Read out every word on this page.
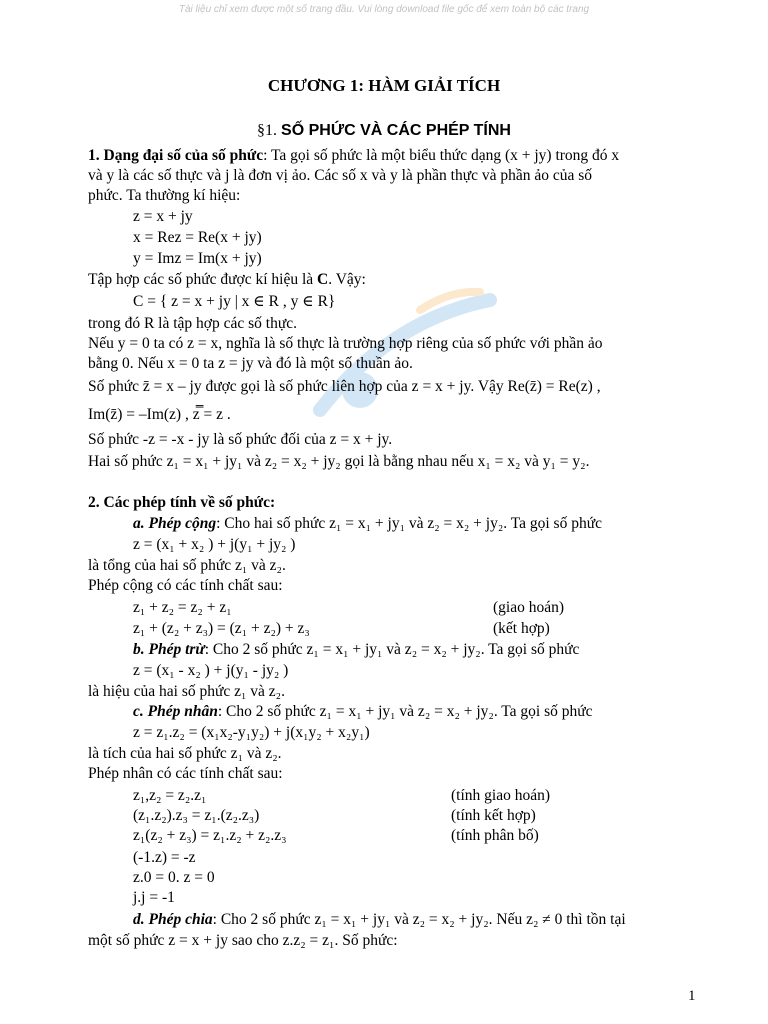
Tài liệu chỉ xem được một số trang đầu. Vui lòng download file gốc để xem toàn bộ các trang
CHƯƠNG 1: HÀM GIẢI TÍCH
§1. SỐ PHỨC VÀ CÁC PHÉP TÍNH
1. Dạng đại số của số phức: Ta gọi số phức là một biểu thức dạng (x + jy) trong đó x
và y là các số thực và j là đơn vị ảo. Các số x và y là phần thực và phần ảo của số
phức. Ta thường kí hiệu:
z = x + jy
x = Rez = Re(x + jy)
y = Imz = Im(x + jy)
Tập hợp các số phức được kí hiệu là C. Vậy:
C = { z = x + jy | x ∈ R , y ∈ R}
trong đó R là tập hợp các số thực.
Nếu y = 0 ta có z = x, nghĩa là số thực là trường hợp riêng của số phức với phần ảo
bằng 0. Nếu x = 0 ta z = jy và đó là một số thuần ảo.
Số phức z̄ = x – jy được gọi là số phức liên hợp của z = x + jy. Vậy Re(z̄) = Re(z) ,
Im(z̄) = –Im(z) , z̿ = z .
Số phức -z = -x - jy là số phức đối của z = x + jy.
Hai số phức z₁ = x₁ + jy₁ và z₂ = x₂ + jy₂ gọi là bằng nhau nếu x₁ = x₂ và y₁ = y₂.
2. Các phép tính về số phức:
a. Phép cộng: Cho hai số phức z₁ = x₁ + jy₁ và z₂ = x₂ + jy₂. Ta gọi số phức
z = (x₁ + x₂ ) + j(y₁ + jy₂ )
là tổng của hai số phức z₁ và z₂.
Phép cộng có các tính chất sau:
z₁ + z₂ = z₂ + z₁	(giao hoán)
z₁ + (z₂ + z₃) = (z₁ + z₂) + z₃	(kết hợp)
b. Phép trừ: Cho 2 số phức z₁ = x₁ + jy₁ và z₂ = x₂ + jy₂. Ta gọi số phức
z = (x₁ - x₂ ) + j(y₁ - jy₂ )
là hiệu của hai số phức z₁ và z₂.
c. Phép nhân: Cho 2 số phức z₁ = x₁ + jy₁ và z₂ = x₂ + jy₂. Ta gọi số phức
z = z₁.z₂ = (x₁x₂-y₁y₂) + j(x₁y₂ + x₂y₁)
là tích của hai số phức z₁ và z₂.
Phép nhân có các tính chất sau:
z₁,z₂ = z₂.z₁	(tính giao hoán)
(z₁.z₂).z₃ = z₁.(z₂.z₃)	(tính kết hợp)
z₁(z₂ + z₃) = z₁.z₂ + z₂.z₃	(tính phân bố)
(-1.z) = -z
z.0 = 0. z = 0
j.j = -1
d. Phép chia: Cho 2 số phức z₁ = x₁ + jy₁ và z₂ = x₂ + jy₂. Nếu z₂ ≠ 0 thì tồn tại
một số phức z = x + jy sao cho z.z₂ = z₁. Số phức:
1
